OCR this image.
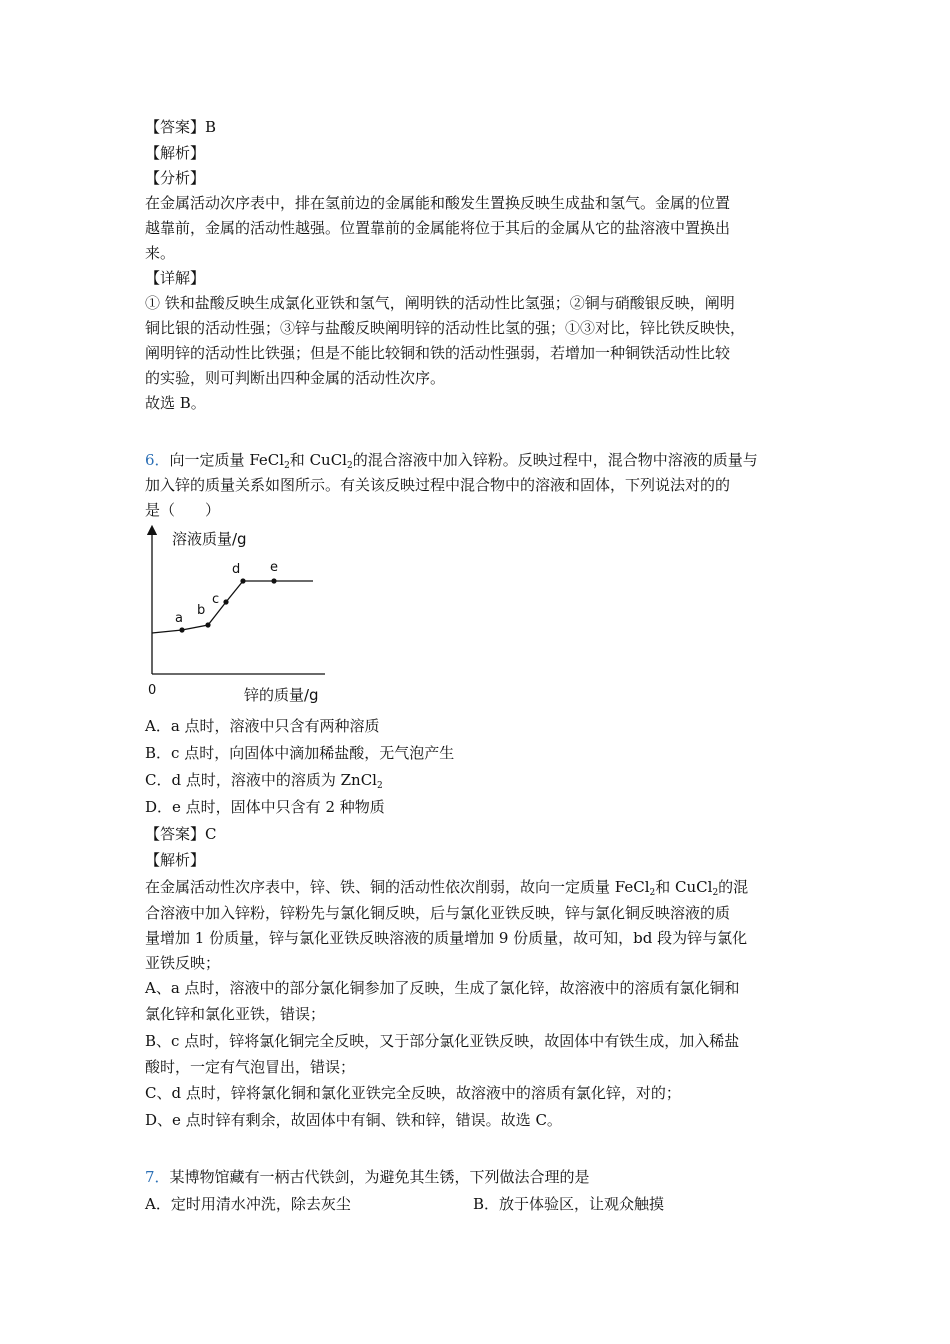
【答案】B
【解析】
【分析】
在金属活动次序表中，排在氢前边的金属能和酸发生置换反映生成盐和氢气。金属的位置
越靠前，金属的活动性越强。位置靠前的金属能将位于其后的金属从它的盐溶液中置换出
来。
【详解】
① 铁和盐酸反映生成氯化亚铁和氢气，阐明铁的活动性比氢强；②铜与硝酸银反映，阐明
铜比银的活动性强；③锌与盐酸反映阐明锌的活动性比氢的强；①③对比，锌比铁反映快，
阐明锌的活动性比铁强；但是不能比较铜和铁的活动性强弱，若增加一种铜铁活动性比较
的实验，则可判断出四种金属的活动性次序。
故选 B。
6．向一定质量 FeCl$_2$和 CuCl$_2$的混合溶液中加入锌粉。反映过程中，混合物中溶液的质量与
加入锌的质量关系如图所示。有关该反映过程中混合物中的溶液和固体，下列说法对的的
是（　　）
溶液质量/g
锌的质量/g
0
a
b
c
d e
A．a 点时，溶液中只含有两种溶质
B．c 点时，向固体中滴加稀盐酸，无气泡产生
C．d 点时，溶液中的溶质为 ZnCl$_2$
D．e 点时，固体中只含有 2 种物质
【答案】C
【解析】
在金属活动性次序表中，锌、铁、铜的活动性依次削弱，故向一定质量 FeCl$_2$和 CuCl$_2$的混
合溶液中加入锌粉，锌粉先与氯化铜反映，后与氯化亚铁反映，锌与氯化铜反映溶液的质
量增加 1 份质量，锌与氯化亚铁反映溶液的质量增加 9 份质量，故可知，bd 段为锌与氯化
亚铁反映；
A、a 点时，溶液中的部分氯化铜参加了反映，生成了氯化锌，故溶液中的溶质有氯化铜和
氯化锌和氯化亚铁，错误；
B、c 点时，锌将氯化铜完全反映，又于部分氯化亚铁反映，故固体中有铁生成，加入稀盐
酸时，一定有气泡冒出，错误；
C、d 点时，锌将氯化铜和氯化亚铁完全反映，故溶液中的溶质有氯化锌，对的；
D、e 点时锌有剩余，故固体中有铜、铁和锌，错误。故选 C。
7．某博物馆藏有一柄古代铁剑，为避免其生锈，下列做法合理的是
A．定时用清水冲洗，除去灰尘	B．放于体验区，让观众触摸
